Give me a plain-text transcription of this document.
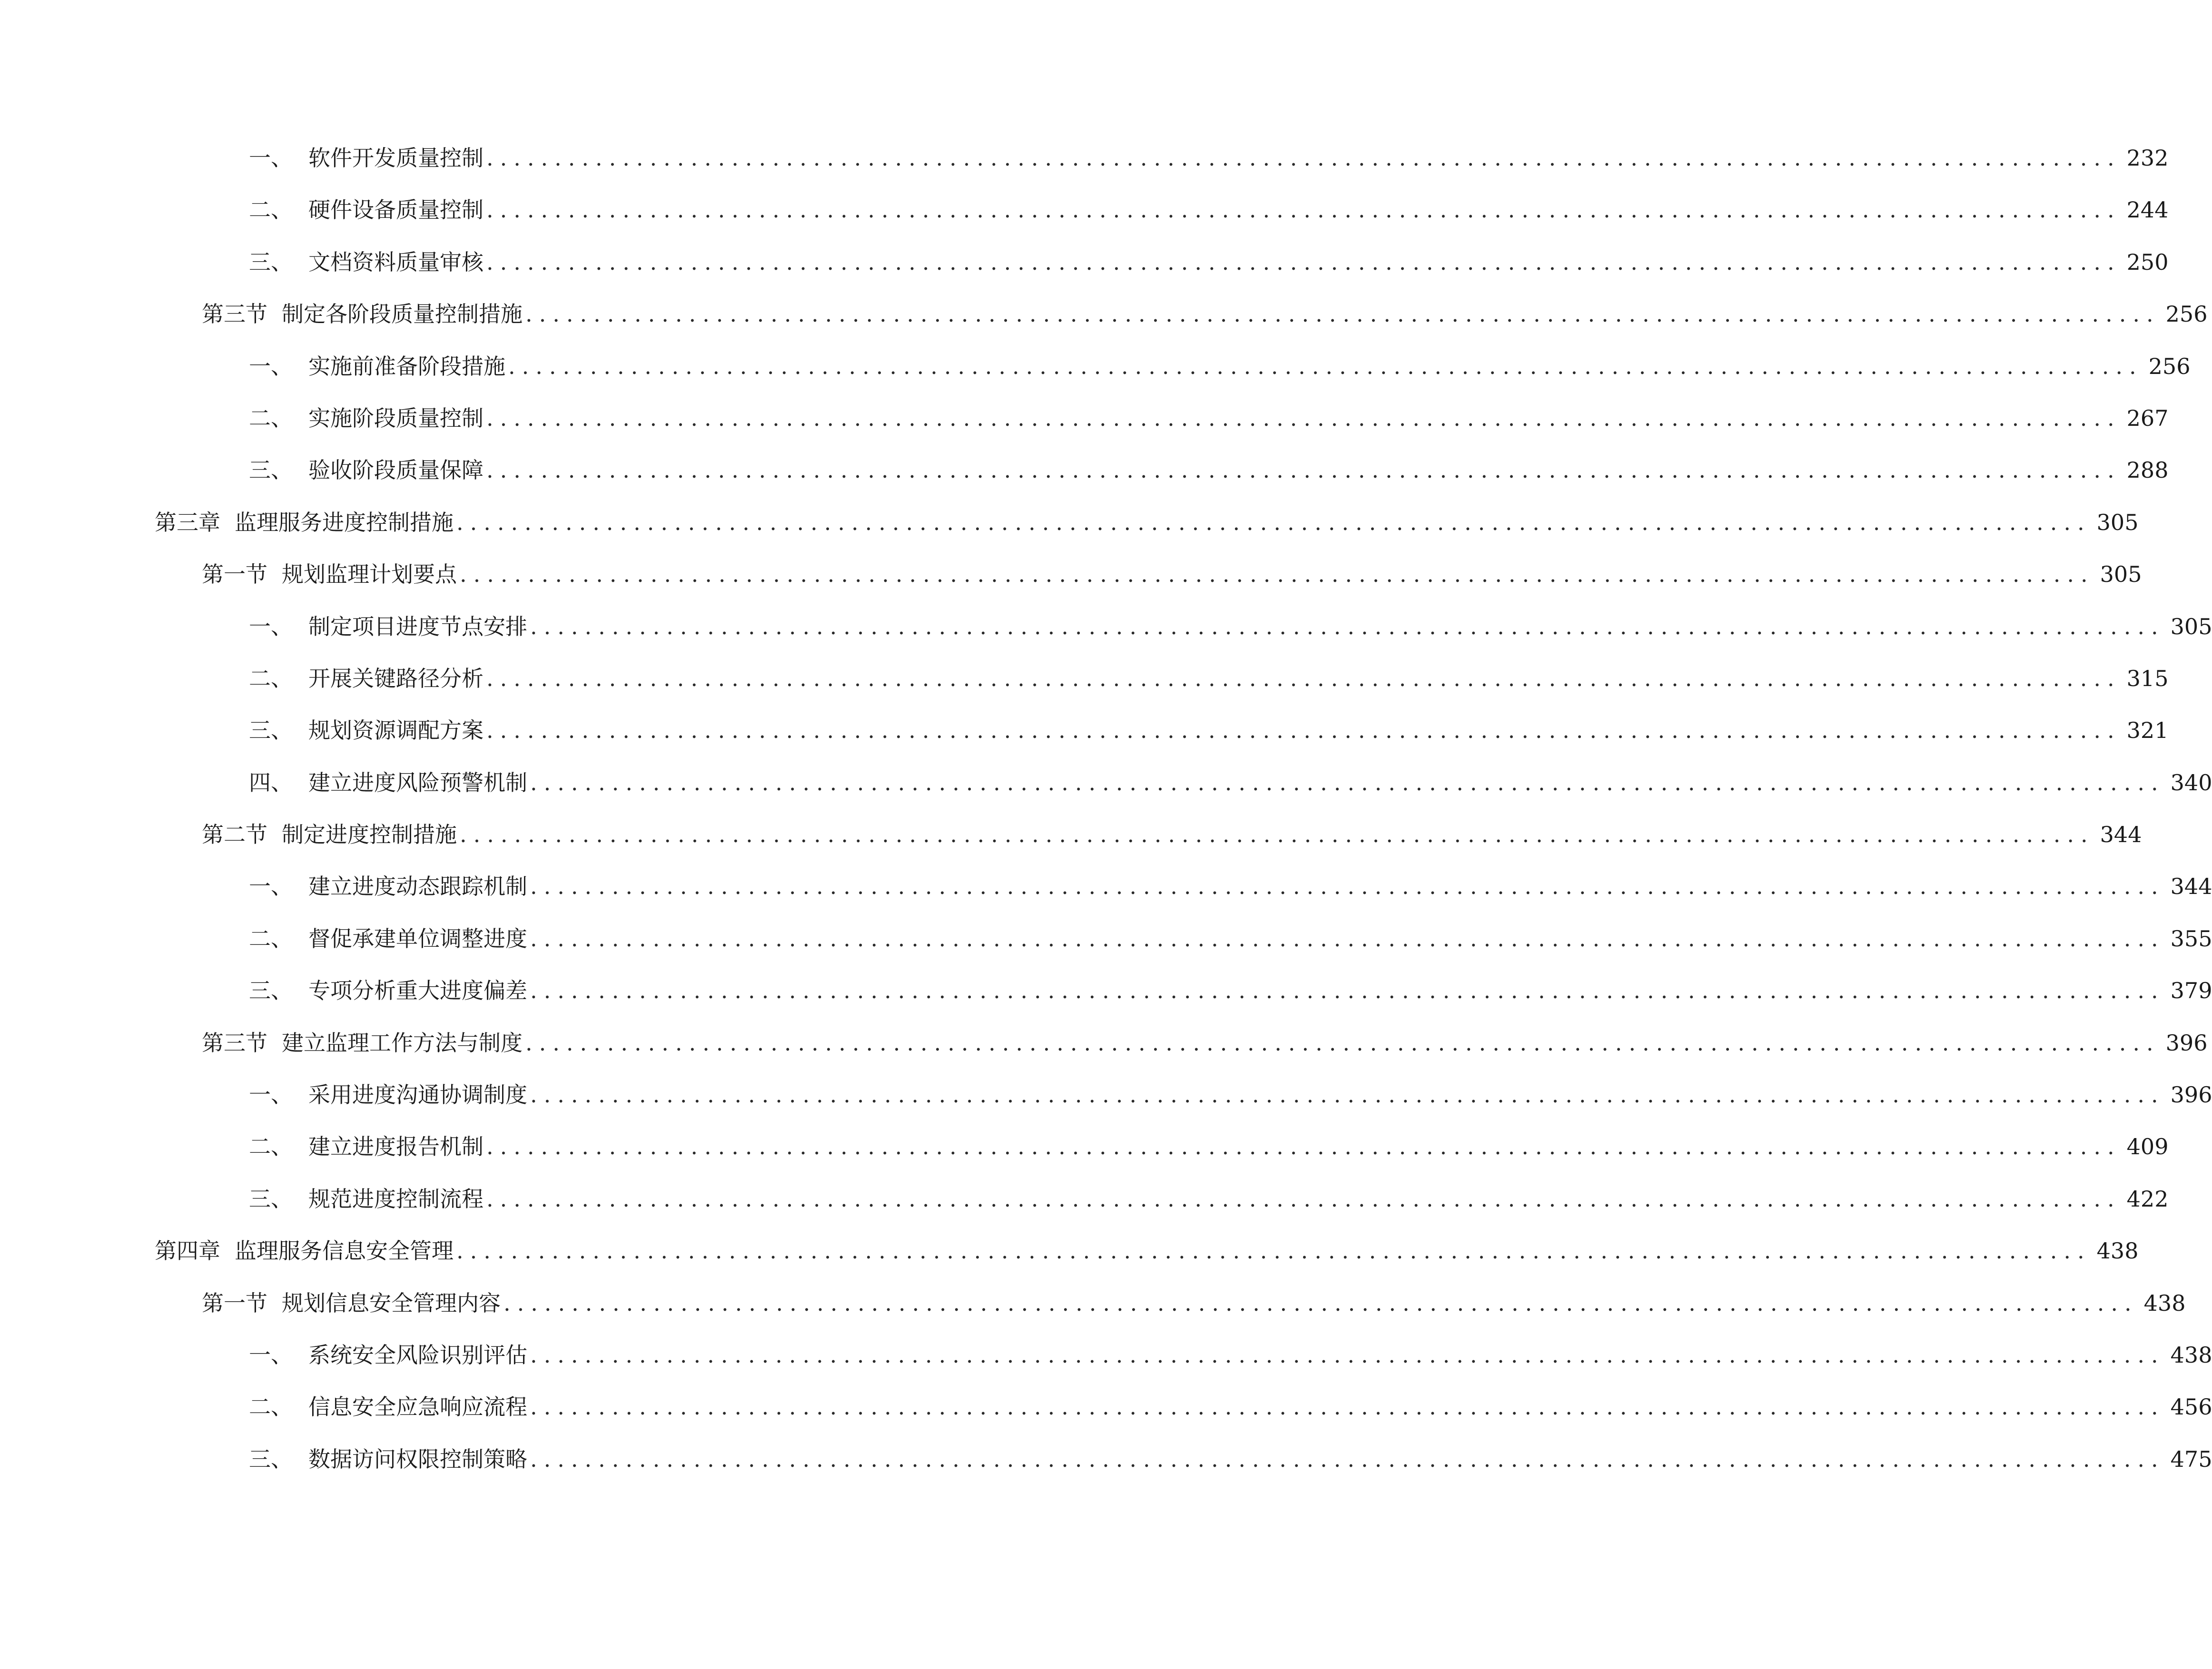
一、 软件开发质量控制 ........................................................................................................................ 232
二、 硬件设备质量控制 ........................................................................................................................ 244
三、 文档资料质量审核 ........................................................................................................................ 250
第三节 制定各阶段质量控制措施 ........................................................................................................................ 256
一、 实施前准备阶段措施 ........................................................................................................................ 256
二、 实施阶段质量控制 ........................................................................................................................ 267
三、 验收阶段质量保障 ........................................................................................................................ 288
第三章 监理服务进度控制措施 ........................................................................................................................ 305
第一节 规划监理计划要点 ........................................................................................................................ 305
一、 制定项目进度节点安排 ........................................................................................................................ 305
二、 开展关键路径分析 ........................................................................................................................ 315
三、 规划资源调配方案 ........................................................................................................................ 321
四、 建立进度风险预警机制 ........................................................................................................................ 340
第二节 制定进度控制措施 ........................................................................................................................ 344
一、 建立进度动态跟踪机制 ........................................................................................................................ 344
二、 督促承建单位调整进度 ........................................................................................................................ 355
三、 专项分析重大进度偏差 ........................................................................................................................ 379
第三节 建立监理工作方法与制度 ........................................................................................................................ 396
一、 采用进度沟通协调制度 ........................................................................................................................ 396
二、 建立进度报告机制 ........................................................................................................................ 409
三、 规范进度控制流程 ........................................................................................................................ 422
第四章 监理服务信息安全管理 ........................................................................................................................ 438
第一节 规划信息安全管理内容 ........................................................................................................................ 438
一、 系统安全风险识别评估 ........................................................................................................................ 438
二、 信息安全应急响应流程 ........................................................................................................................ 456
三、 数据访问权限控制策略 ........................................................................................................................ 475
